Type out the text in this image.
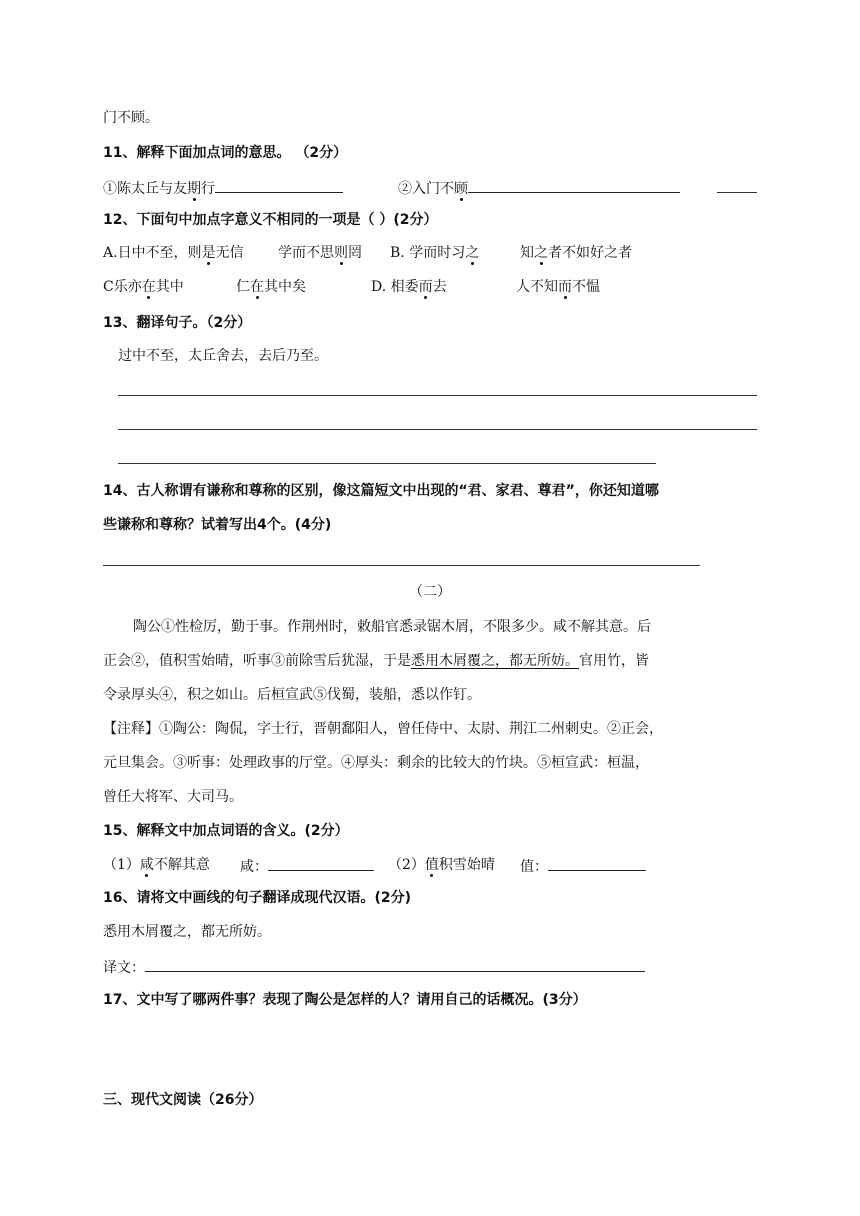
门不顾。
11、解释下面加点词的意思。 （2分）
①陈太丘与友期行	②入门不顾
12、下面句中加点字意义不相同的一项是（ ）(2分）
A.日中不至，则是无信 学而不思则罔 B. 学而时习之	知之者不如好之者
C乐亦在其中	仁在其中矣	D. 相委而去	人不知而不愠
13、翻译句子。（2分）
过中不至，太丘舍去，去后乃至。
14、古人称谓有谦称和尊称的区别，像这篇短文中出现的“君、家君、尊君”，你还知道哪
些谦称和尊称？试着写出4个。(4分)
（二）
陶公①性检厉，勤于事。作荆州时，敕船官悉录锯木屑，不限多少。咸不解其意。后
正会②，值积雪始晴，听事③前除雪后犹湿，于是悉用木屑覆之，都无所妨。官用竹，皆
令录厚头④，积之如山。后桓宣武⑤伐蜀，装船，悉以作钉。
【注释】①陶公：陶侃，字士行，晋朝鄱阳人，曾任侍中、太尉、荆江二州刺史。②正会，
元旦集会。③听事：处理政事的厅堂。④厚头：剩余的比较大的竹块。⑤桓宣武：桓温，
曾任大将军、大司马。
15、解释文中加点词语的含义。(2分）
（1）咸不解其意 咸：	（2）值积雪始晴 值：
16、请将文中画线的句子翻译成现代汉语。(2分)
悉用木屑覆之，都无所妨。
译文：
17、文中写了哪两件事？表现了陶公是怎样的人？请用自己的话概况。(3分）
三、现代文阅读（26分）
